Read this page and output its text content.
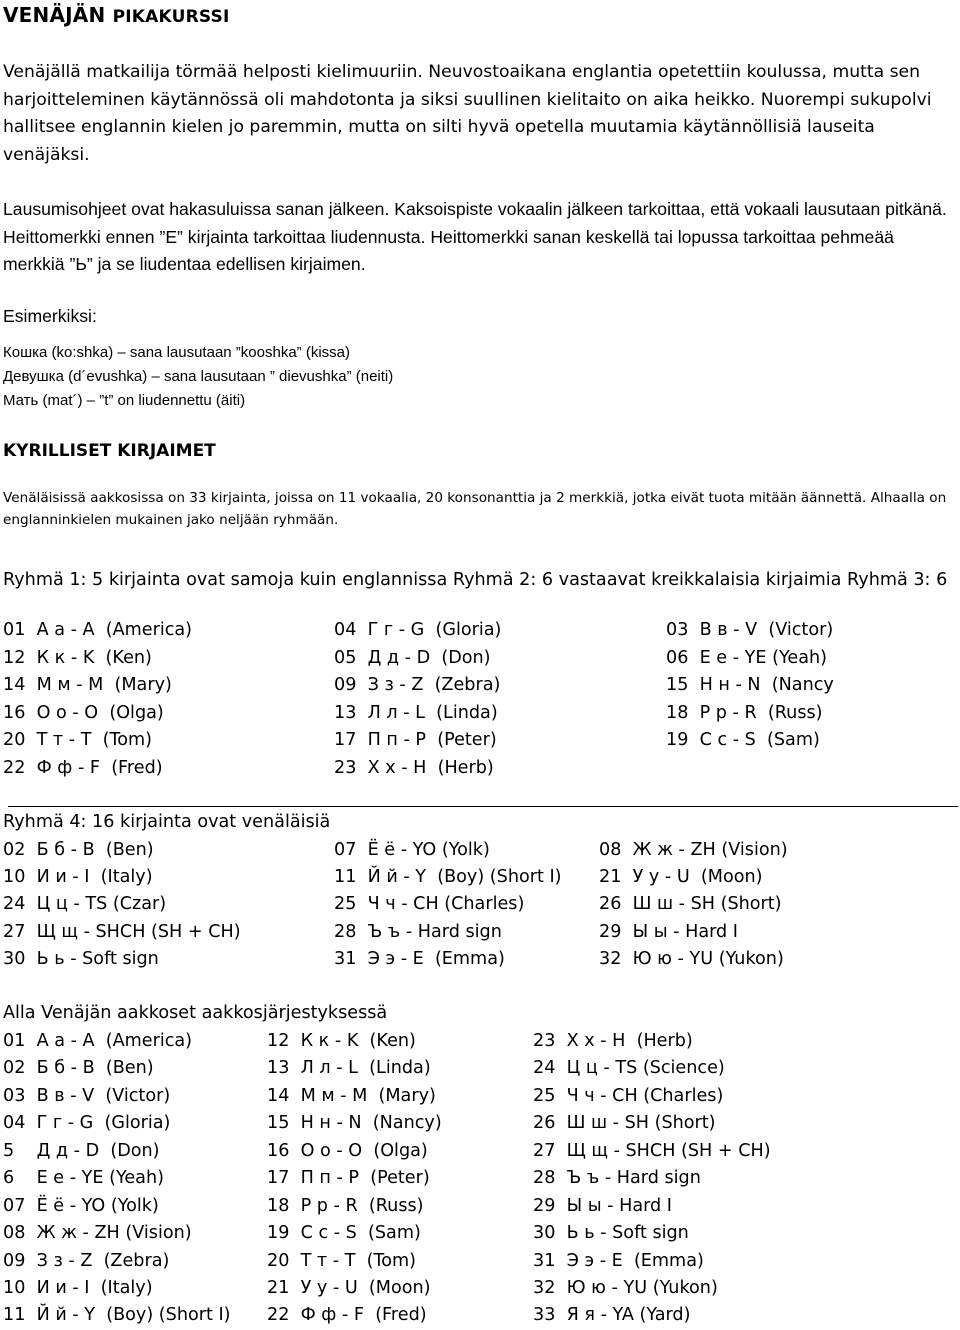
VENÄJÄN PIKAKURSSI

Venäjällä matkailija törmää helposti kielimuuriin. Neuvostoaikana englantia opetettiin koulussa, mutta sen harjoitteleminen käytännössä oli mahdotonta ja siksi suullinen kielitaito on aika heikko. Nuorempi sukupolvi hallitsee englannin kielen jo paremmin, mutta on silti hyvä opetella muutamia käytännöllisiä lauseita venäjäksi.

Lausumisohjeet ovat hakasuluissa sanan jälkeen. Kaksoispiste vokaalin jälkeen tarkoittaa, että vokaali lausutaan pitkänä. Heittomerkki ennen ”E” kirjainta tarkoittaa liudennusta. Heittomerkki sanan keskellä tai lopussa tarkoittaa pehmeää merkkiä ”Ь” ja se liudentaa edellisen kirjaimen.

Esimerkiksi:
Кошка (ko:shka) – sana lausutaan ”kooshka” (kissa)
Девушка (d´evushka) – sana lausutaan ” dievushka” (neiti)
Мать (mat´) – ”t” on liudennettu (äiti)
KYRILLISET KIRJAIMET
Venäläisissä aakkosissa on 33 kirjainta, joissa on 11 vokaalia, 20 konsonanttia ja 2 merkkiä, jotka eivät tuota mitään äännettä. Alhaalla on englanninkielen mukainen jako neljään ryhmään.
Ryhmä 1: 5 kirjainta ovat samoja kuin englannissa Ryhmä 2: 6 vastaavat kreikkalaisia kirjaimia Ryhmä 3: 6
01  А а - A  (America)	04  Г г - G  (Gloria)	03  В в - V  (Victor)
12  К к - K  (Ken)	05  Д д - D  (Don)	06  Е е - YE (Yeah)
14  М м - M  (Mary)	09  З з - Z  (Zebra)	15  Н н - N  (Nancy
16  О о - O  (Olga)	13  Л л - L  (Linda)	18  Р р - R  (Russ)
20  Т т - T  (Tom)	17  П п - P  (Peter)	19  С с - S  (Sam)
22  Ф ф - F  (Fred)	23  Х х - H  (Herb)
Ryhmä 4: 16 kirjainta ovat venäläisiä
02  Б б - B  (Ben)	07  Ё ё - YO (Yolk)	08  Ж ж - ZH (Vision)
10  И и - I  (Italy)	11  Й й - Y  (Boy) (Short I) 21  У у - U  (Moon)
24  Ц ц - TS (Czar)	25  Ч ч - CH (Charles)	26  Ш ш - SH (Short)
27  Щ щ - SHCH (SH + CH)	28  Ъ ъ - Hard sign	29  Ы ы - Hard I
30  Ь ь - Soft sign	31  Э э - E  (Emma)	32  Ю ю - YU (Yukon)
Alla Venäjän aakkoset aakkosjärjestyksessä
01  А а - A  (America)	12  К к - K  (Ken)	23  Х х - H  (Herb)
02  Б б - B  (Ben)	13  Л л - L  (Linda)	24  Ц ц - TS (Science)
03  В в - V  (Victor)	14  М м - M  (Mary)	25  Ч ч - CH (Charles)
04  Г г - G  (Gloria)	15  Н н - N  (Nancy)	26  Ш ш - SH (Short)
5    Д д - D  (Don)	16  О о - O  (Olga)	27  Щ щ - SHCH (SH + CH)
6    Е е - YE (Yeah)	17  П п - P  (Peter)	28  Ъ ъ - Hard sign
07  Ё ё - YO (Yolk)	18  Р р - R  (Russ)	29  Ы ы - Hard I
08  Ж ж - ZH (Vision)	19  С с - S  (Sam)	30  Ь ь - Soft sign
09  З з - Z  (Zebra)	20  Т т - T  (Tom)	31  Э э - E  (Emma)
10  И и - I  (Italy)	21  У у - U  (Moon)	32  Ю ю - YU (Yukon)
11  Й й - Y  (Boy) (Short I) 22  Ф ф - F  (Fred)	33  Я я - YA (Yard)
